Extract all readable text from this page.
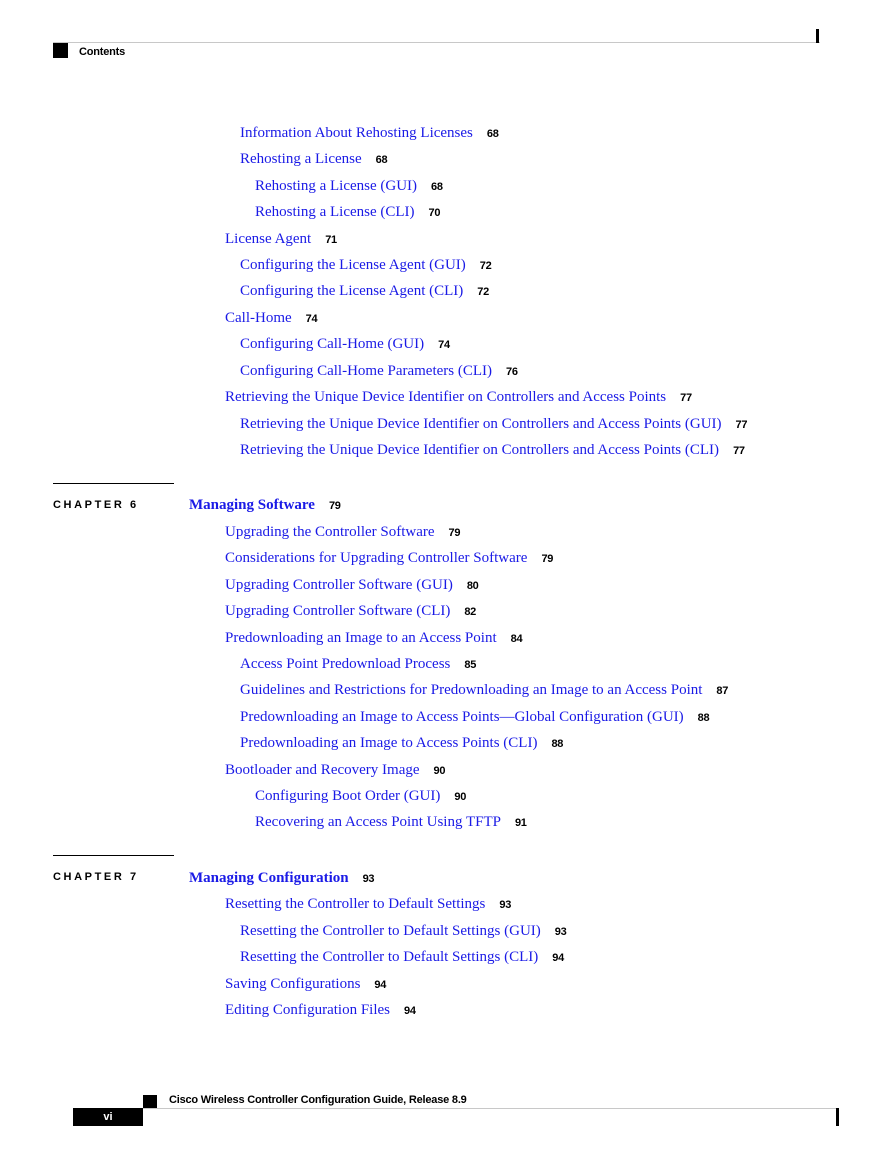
Contents
Information About Rehosting Licenses 68
Rehosting a License 68
Rehosting a License (GUI) 68
Rehosting a License (CLI) 70
License Agent 71
Configuring the License Agent (GUI) 72
Configuring the License Agent (CLI) 72
Call-Home 74
Configuring Call-Home (GUI) 74
Configuring Call-Home Parameters (CLI) 76
Retrieving the Unique Device Identifier on Controllers and Access Points 77
Retrieving the Unique Device Identifier on Controllers and Access Points (GUI) 77
Retrieving the Unique Device Identifier on Controllers and Access Points (CLI) 77
CHAPTER 6	Managing Software 79
Upgrading the Controller Software 79
Considerations for Upgrading Controller Software 79
Upgrading Controller Software (GUI) 80
Upgrading Controller Software (CLI) 82
Predownloading an Image to an Access Point 84
Access Point Predownload Process 85
Guidelines and Restrictions for Predownloading an Image to an Access Point 87
Predownloading an Image to Access Points—Global Configuration (GUI) 88
Predownloading an Image to Access Points (CLI) 88
Bootloader and Recovery Image 90
Configuring Boot Order (GUI) 90
Recovering an Access Point Using TFTP 91
CHAPTER 7	Managing Configuration 93
Resetting the Controller to Default Settings 93
Resetting the Controller to Default Settings (GUI) 93
Resetting the Controller to Default Settings (CLI) 94
Saving Configurations 94
Editing Configuration Files 94
Cisco Wireless Controller Configuration Guide, Release 8.9
vi
